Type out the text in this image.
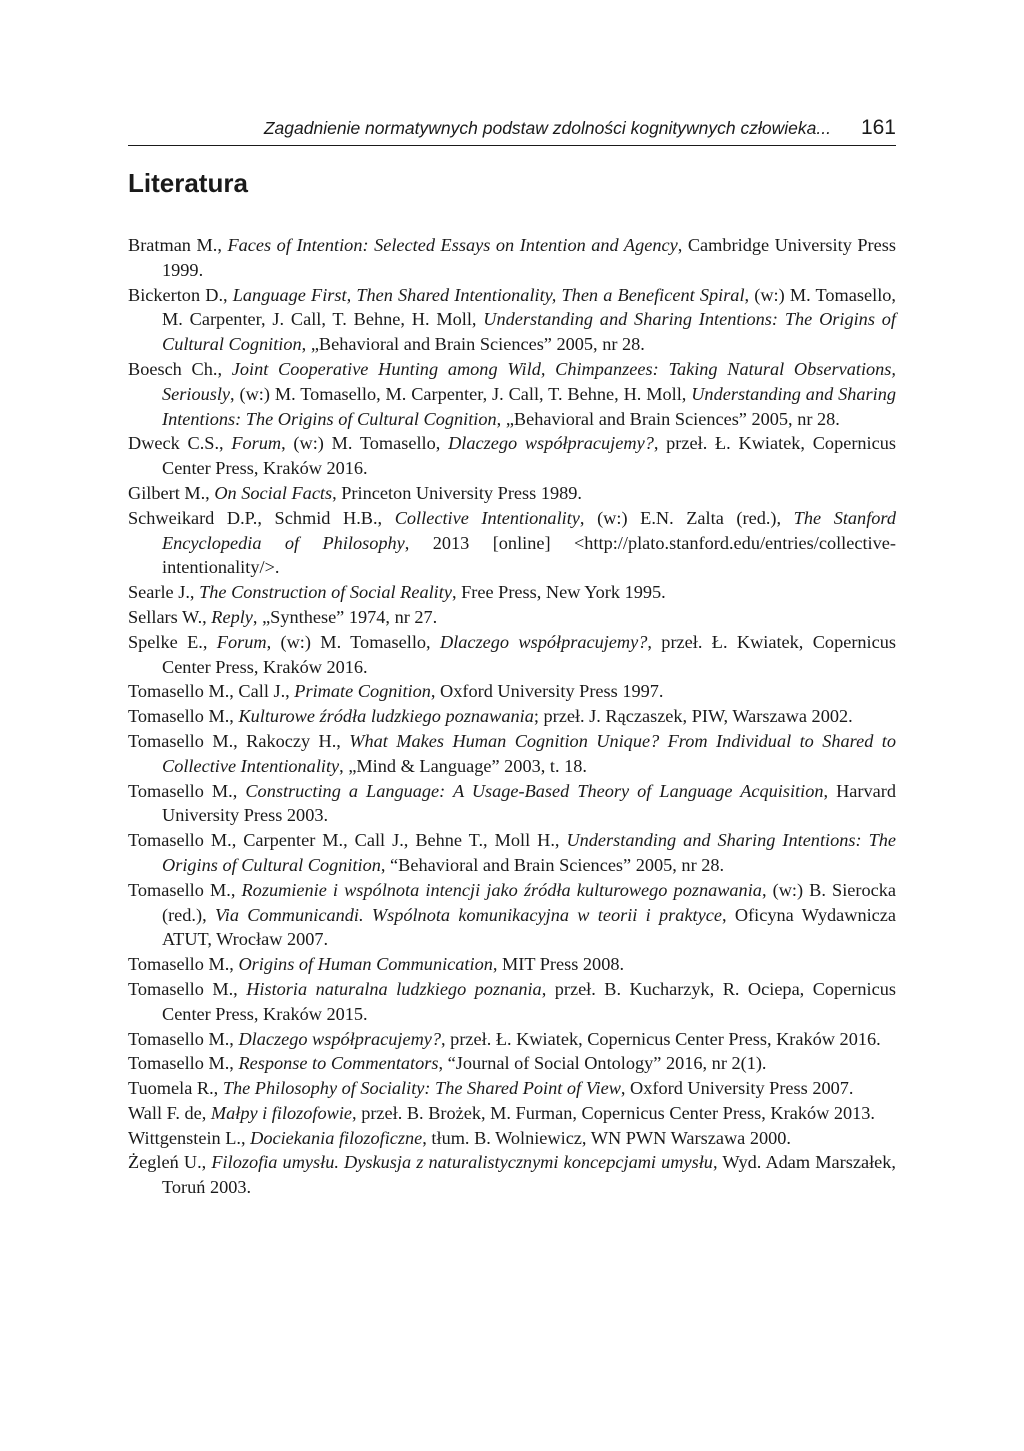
Zagadnienie normatywnych podstaw zdolności kognitywnych człowieka... 161
Literatura
Bratman M., Faces of Intention: Selected Essays on Intention and Agency, Cambridge University Press 1999.
Bickerton D., Language First, Then Shared Intentionality, Then a Beneficent Spiral, (w:) M. Tomasello, M. Carpenter, J. Call, T. Behne, H. Moll, Understanding and Sharing Intentions: The Origins of Cultural Cognition, „Behavioral and Brain Sciences” 2005, nr 28.
Boesch Ch., Joint Cooperative Hunting among Wild, Chimpanzees: Taking Natural Observations, Seriously, (w:) M. Tomasello, M. Carpenter, J. Call, T. Behne, H. Moll, Understanding and Sharing Intentions: The Origins of Cultural Cognition, „Behavioral and Brain Sciences” 2005, nr 28.
Dweck C.S., Forum, (w:) M. Tomasello, Dlaczego współpracujemy?, przeł. Ł. Kwiatek, Copernicus Center Press, Kraków 2016.
Gilbert M., On Social Facts, Princeton University Press 1989.
Schweikard D.P., Schmid H.B., Collective Intentionality, (w:) E.N. Zalta (red.), The Stanford Encyclopedia of Philosophy, 2013 [online] <http://plato.stanford.edu/entries/collective-intentionality/>.
Searle J., The Construction of Social Reality, Free Press, New York 1995.
Sellars W., Reply, „Synthese” 1974, nr 27.
Spelke E., Forum, (w:) M. Tomasello, Dlaczego współpracujemy?, przeł. Ł. Kwiatek, Copernicus Center Press, Kraków 2016.
Tomasello M., Call J., Primate Cognition, Oxford University Press 1997.
Tomasello M., Kulturowe źródła ludzkiego poznawania; przeł. J. Rączaszek, PIW, Warszawa 2002.
Tomasello M., Rakoczy H., What Makes Human Cognition Unique? From Individual to Shared to Collective Intentionality, „Mind & Language” 2003, t. 18.
Tomasello M., Constructing a Language: A Usage-Based Theory of Language Acquisition, Harvard University Press 2003.
Tomasello M., Carpenter M., Call J., Behne T., Moll H., Understanding and Sharing Intentions: The Origins of Cultural Cognition, “Behavioral and Brain Sciences” 2005, nr 28.
Tomasello M., Rozumienie i wspólnota intencji jako źródła kulturowego poznawania, (w:) B. Sierocka (red.), Via Communicandi. Wspólnota komunikacyjna w teorii i praktyce, Oficyna Wydawnicza ATUT, Wrocław 2007.
Tomasello M., Origins of Human Communication, MIT Press 2008.
Tomasello M., Historia naturalna ludzkiego poznania, przeł. B. Kucharzyk, R. Ociepa, Copernicus Center Press, Kraków 2015.
Tomasello M., Dlaczego współpracujemy?, przeł. Ł. Kwiatek, Copernicus Center Press, Kraków 2016.
Tomasello M., Response to Commentators, “Journal of Social Ontology” 2016, nr 2(1).
Tuomela R., The Philosophy of Sociality: The Shared Point of View, Oxford University Press 2007.
Wall F. de, Małpy i filozofowie, przeł. B. Brożek, M. Furman, Copernicus Center Press, Kraków 2013.
Wittgenstein L., Dociekania filozoficzne, tłum. B. Wolniewicz, WN PWN Warszawa 2000.
Żegleń U., Filozofia umysłu. Dyskusja z naturalistycznymi koncepcjami umysłu, Wyd. Adam Marszałek, Toruń 2003.
